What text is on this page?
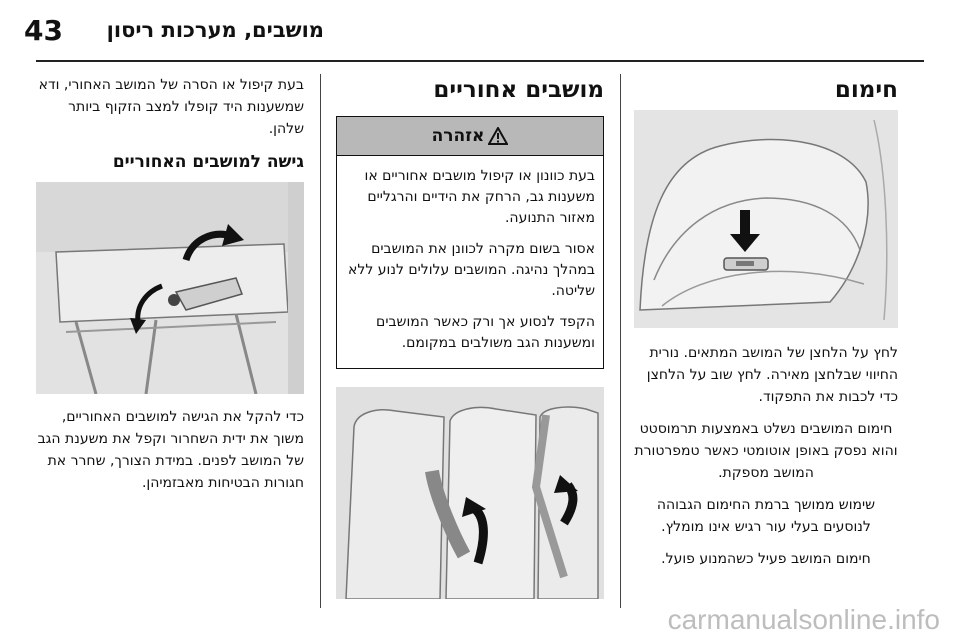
43 מושבים, מערכות ריסון
חימום

לחץ על הלחצן של המושב המתאים. נורית החיווי שבלחצן מאירה. לחץ שוב על הלחצן כדי לכבות את התפקוד.

חימום המושבים נשלט באמצעות תרמוסטט והוא נפסק באופן אוטומטי כאשר טמפרטורת המושב מספקת.

שימוש ממושך ברמת החימום הגבוהה לנוסעים בעלי עור רגיש אינו מומלץ.

חימום המושב פעיל כשהמנוע פועל.

מושבים אחוריים
אזהרה

בעת כוונון או קיפול מושבים אחוריים או משענות גב, הרחק את הידיים והרגליים מאזור התנועה.

אסור בשום מקרה לכוונן את המושבים במהלך נהיגה. המושבים עלולים לנוע ללא שליטה.

הקפד לנסוע אך ורק כאשר המושבים ומשענות הגב משולבים במקומם.

בעת קיפול או הסרה של המושב האחורי, ודא שמשענות היד קופלו למצב הזקוף ביותר שלהן.

גישה למושבים האחוריים

כדי להקל את הגישה למושבים האחוריים, משוך את ידית השחרור וקפל את משענת הגב של המושב לפנים. במידת הצורך, שחרר את חגורות הבטיחות מאבזמיהן.

carmanualsonline.info
